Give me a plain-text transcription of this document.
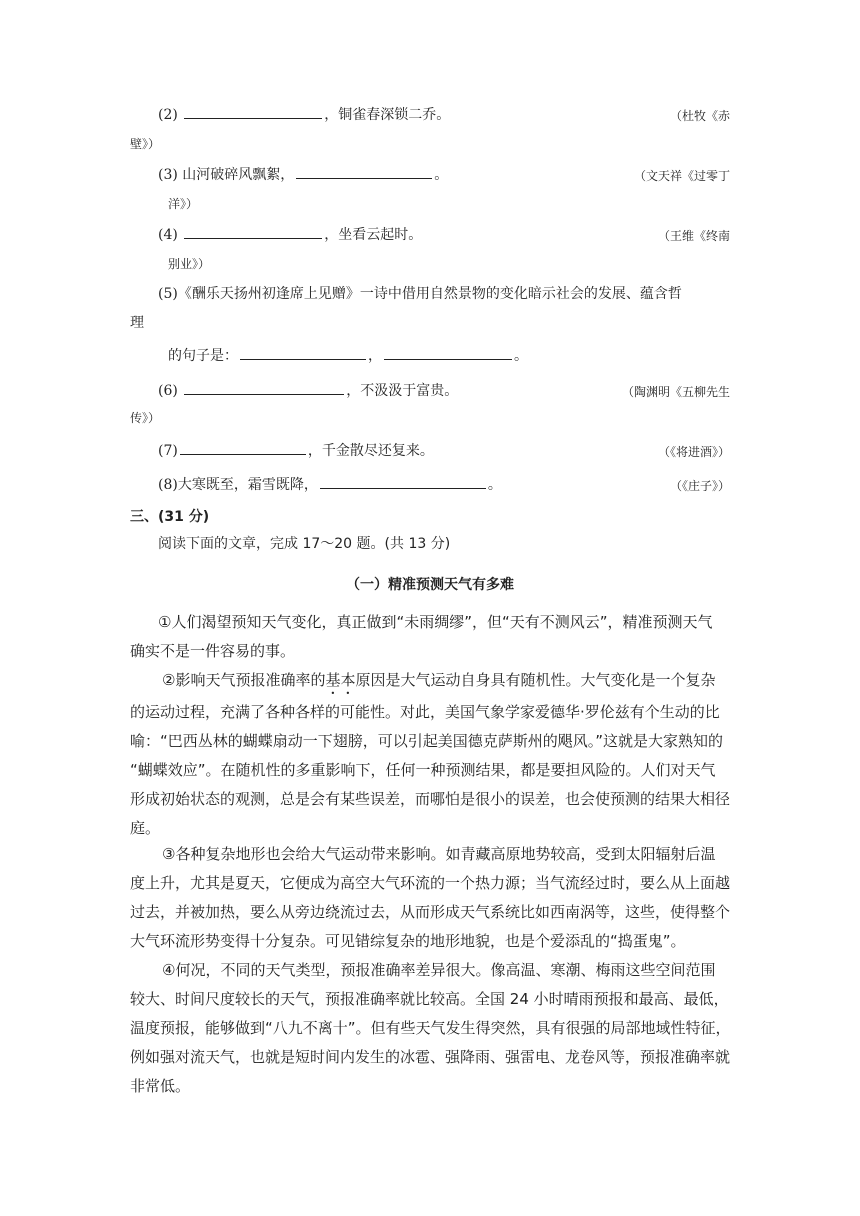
(2)	，铜雀春深锁二乔。	（杜牧《赤
壁》）
(3) 山河破碎风飘絮，	。	（文天祥《过零丁
洋》）
(4)	，坐看云起时。	（王维《终南
别业》）
(5)《酬乐天扬州初逢席上见赠》一诗中借用自然景物的变化暗示社会的发展、蕴含哲
理
的句子是：	，	。
(6)	，不汲汲于富贵。	（陶渊明《五柳先生
传》）
(7)	，千金散尽还复来。	（《将进酒》）
(8)大寒既至，霜雪既降，	。	（《庄子》）
三、(31 分)
阅读下面的文章，完成 17～20 题。(共 13 分)
（一）精准预测天气有多难
①人们渴望预知天气变化，真正做到“未雨绸缪”，但“天有不测风云”，精准预测天气
确实不是一件容易的事。
②影响天气预报准确率的基本原因是大气运动自身具有随机性。大气变化是一个复杂
的运动过程，充满了各种各样的可能性。对此，美国气象学家爱德华·罗伦兹有个生动的比
喻：“巴西丛林的蝴蝶扇动一下翅膀，可以引起美国德克萨斯州的飓风。”这就是大家熟知的
“蝴蝶效应”。在随机性的多重影响下，任何一种预测结果，都是要担风险的。人们对天气
形成初始状态的观测，总是会有某些误差，而哪怕是很小的误差，也会使预测的结果大相径
庭。
③各种复杂地形也会给大气运动带来影响。如青藏高原地势较高，受到太阳辐射后温
度上升，尤其是夏天，它便成为高空大气环流的一个热力源；当气流经过时，要么从上面越
过去，并被加热，要么从旁边绕流过去，从而形成天气系统比如西南涡等，这些，使得整个
大气环流形势变得十分复杂。可见错综复杂的地形地貌，也是个爱添乱的“捣蛋鬼”。
④何况，不同的天气类型，预报准确率差异很大。像高温、寒潮、梅雨这些空间范围
较大、时间尺度较长的天气，预报准确率就比较高。全国 24 小时晴雨预报和最高、最低，
温度预报，能够做到“八九不离十”。但有些天气发生得突然，具有很强的局部地域性特征，
例如强对流天气，也就是短时间内发生的冰雹、强降雨、强雷电、龙卷风等，预报准确率就
非常低。
